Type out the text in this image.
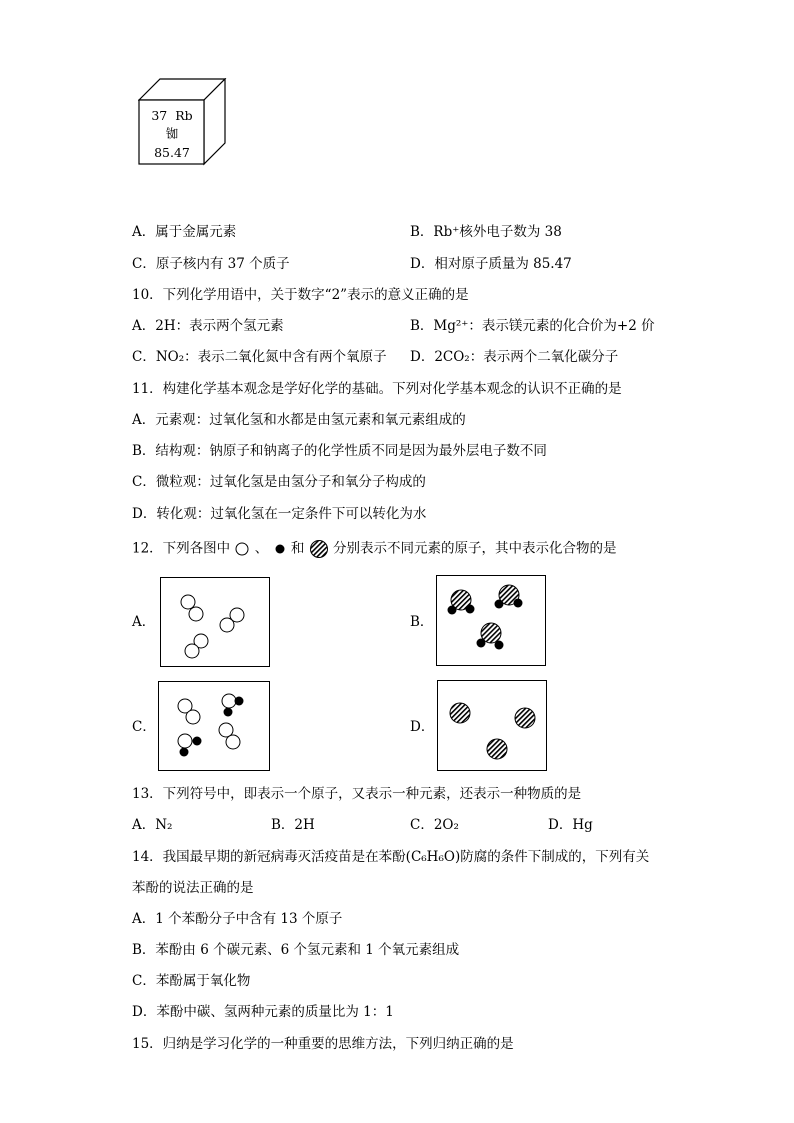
37 Rb
铷
85.47
A．属于金属元素	B．Rb⁺核外电子数为 38
C．原子核内有 37 个质子	D．相对原子质量为 85.47
10．下列化学用语中，关于数字“2”表示的意义正确的是
A．2H：表示两个氢元素	B．Mg²⁺：表示镁元素的化合价为+2 价
C．NO₂：表示二氧化氮中含有两个氧原子 D．2CO₂：表示两个二氧化碳分子
11．构建化学基本观念是学好化学的基础。下列对化学基本观念的认识不正确的是
A．元素观：过氧化氢和水都是由氢元素和氧元素组成的
B．结构观：钠原子和钠离子的化学性质不同是因为最外层电子数不同
C．微粒观：过氧化氢是由氢分子和氧分子构成的
D．转化观：过氧化氢在一定条件下可以转化为水
12．下列各图中 、 和 分别表示不同元素的原子，其中表示化合物的是
A．	B．
C．	D．
13．下列符号中，即表示一个原子，又表示一种元素，还表示一种物质的是
A．N₂	B．2H	C．2O₂	D．Hg
14．我国最早期的新冠病毒灭活疫苗是在苯酚(C₆H₆O)防腐的条件下制成的，下列有关
苯酚的说法正确的是
A．1 个苯酚分子中含有 13 个原子
B．苯酚由 6 个碳元素、6 个氢元素和 1 个氧元素组成
C．苯酚属于氧化物
D．苯酚中碳、氢两种元素的质量比为 1：1
15．归纳是学习化学的一种重要的思维方法，下列归纳正确的是
